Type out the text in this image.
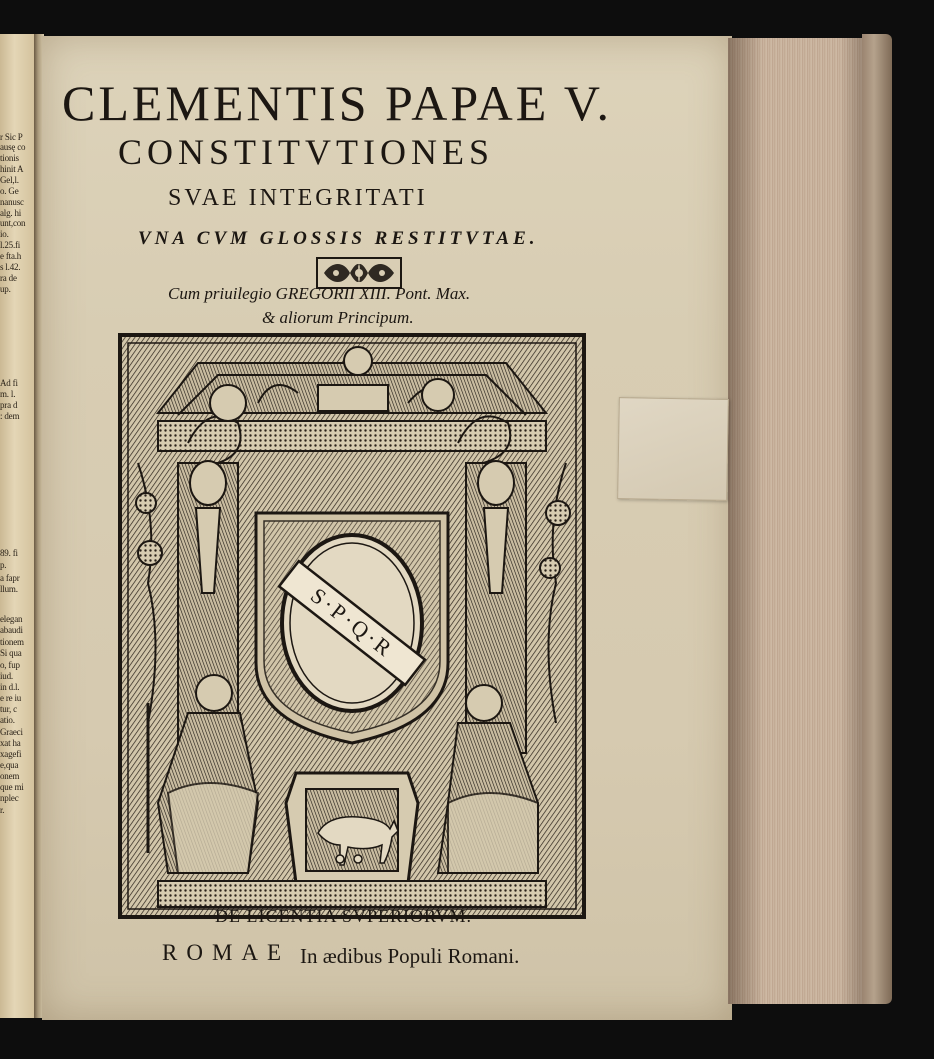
r Sic P
ausę co
tionis
hinit A
Gel,l.
o. Ge
nanusc
alg. hi
unt,con
io.
l.25.fi
e fta.h
s l.42.
ra de
up.
Ad fi
m. l.
pra d
: dem
89. fi
p.
a fapr
llum.
elegan
abaudi
tionem
Si qua
o, fup
iud.
in d.l.
e re iu
tur, c
atio.
Graeci
xat ha
xagefi
e,qua
onem
que mi
nplec
r.
CLEMENTIS PAPAE V.
CONSTITVTIONES
SVAE INTEGRITATI
VNA CVM GLOSSIS RESTITVTAE.
Cum priuilegio GREGORII XIII. Pont. Max.
& aliorum Principum.
S·P·Q·R
DE LICENTIA SVPERIORVM.
ROMAE In ædibus Populi Romani.
